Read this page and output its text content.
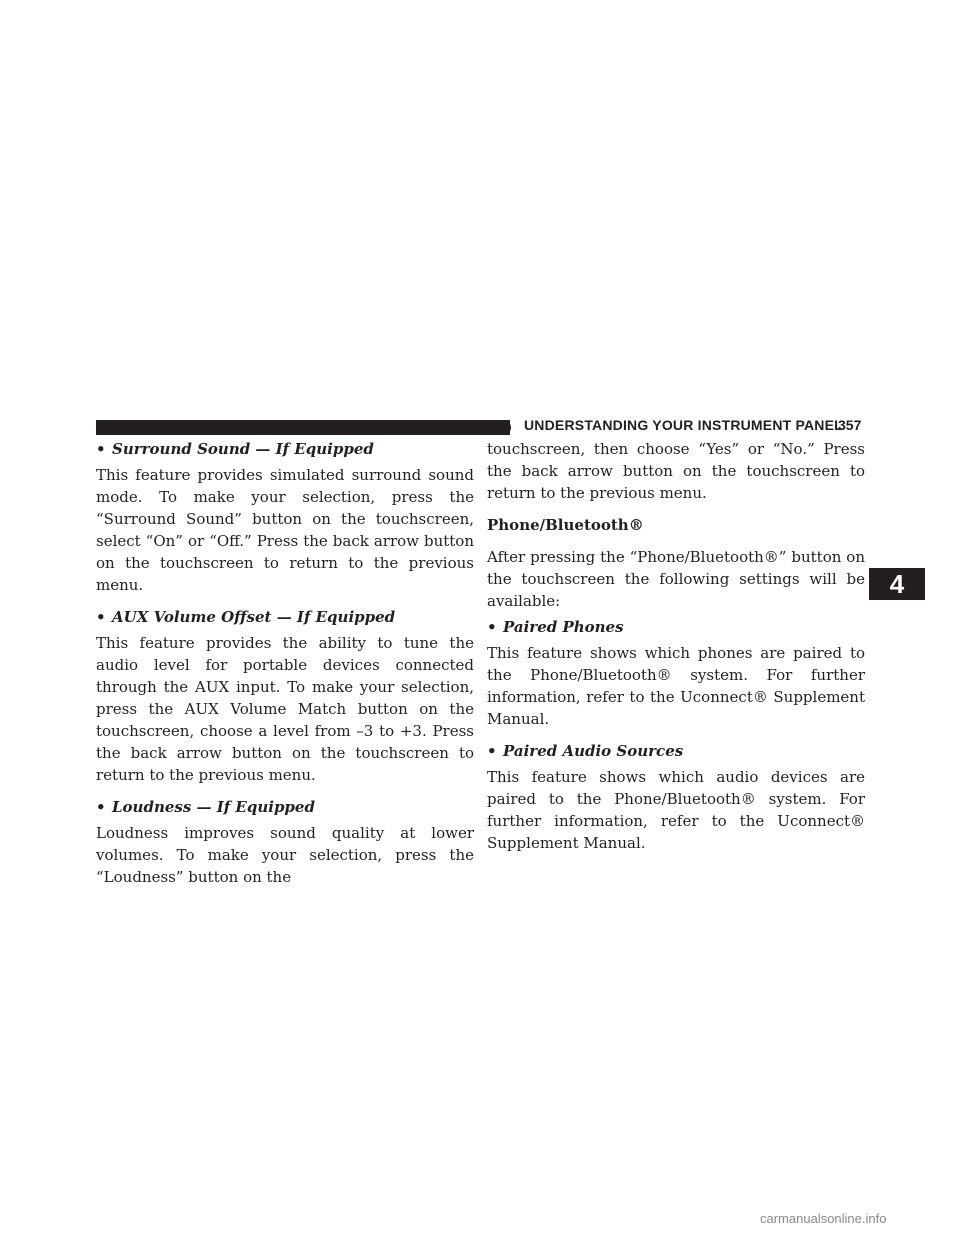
UNDERSTANDING YOUR INSTRUMENT PANEL
357

• Surround Sound — If Equipped

This feature provides simulated surround sound mode. To make your selection, press the “Surround Sound” button on the touchscreen, select “On” or “Off.” Press the back arrow button on the touchscreen to return to the previous menu.

• AUX Volume Offset — If Equipped

This feature provides the ability to tune the audio level for portable devices connected through the AUX input. To make your selection, press the AUX Volume Match button on the touchscreen, choose a level from –3 to +3. Press the back arrow button on the touchscreen to return to the previous menu.

• Loudness — If Equipped

Loudness improves sound quality at lower volumes. To make your selection, press the “Loudness” button on the

touchscreen, then choose “Yes” or “No.” Press the back arrow button on the touchscreen to return to the previous menu.

Phone/Bluetooth®

After pressing the “Phone/Bluetooth®” button on the touchscreen the following settings will be available:

• Paired Phones

This feature shows which phones are paired to the Phone/Bluetooth® system. For further information, refer to the Uconnect® Supplement Manual.

• Paired Audio Sources

This feature shows which audio devices are paired to the Phone/Bluetooth® system. For further information, refer to the Uconnect® Supplement Manual.

4
carmanualsonline.info
